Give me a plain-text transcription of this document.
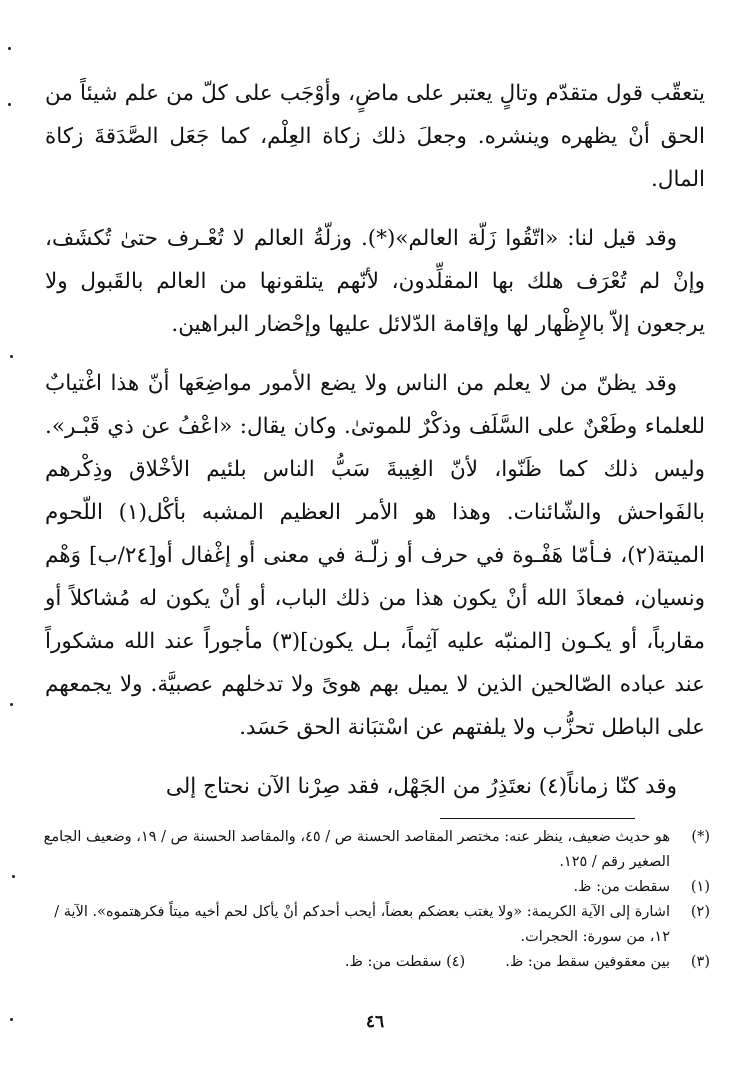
يتعقّب قول متقدّم وتالٍ يعتبر على ماضٍ، وأوْجَب على كلّ من علم شيئاً من الحق أنْ يظهره وينشره. وجعلَ ذلك زكاة العِلْم، كما جَعَل الصَّدَقةَ زكاة المال.

وقد قيل لنا: «اتّقُوا زَلّة العالم»(*). وزلّةُ العالم لا تُعْـرف حتىٰ تُكشَف، وإنْ لم تُعْرَف هلك بها المقلِّدون، لأنّهم يتلقونها من العالم بالقَبول ولا يرجعون إلاّ بالإِظْهار لها وإقامة الدّلائل عليها وإحْضار البراهين.

وقد يظنّ من لا يعلم من الناس ولا يضع الأمور مواضِعَها أنّ هذا اغْتيابٌ للعلماء وطَعْنٌ على السَّلَف وذكْرٌ للموتىٰ. وكان يقال: «اعْفُ عن ذي قَبْـر». وليس ذلك كما ظَنّوا، لأنّ الغِيبةَ سَبُّ الناس بلئيم الأخْلاق وذِكْرهم بالفَواحش والشّائنات. وهذا هو الأمر العظيم المشبه بأكْل(١) اللّحوم الميتة(٢)، فـأمّا هَفْـوة في حرف أو زلّـة في معنى أو إغْفال أو[٢٤/ب] وَهْم ونسيان، فمعاذَ الله أنْ يكون هذا من ذلك الباب، أو أنْ يكون له مُشاكلاً أو مقارباً، أو يكـون [المنبّه عليه آثِماً، بـل يكون](٣) مأجوراً عند الله مشكوراً عند عباده الصّالحين الذين لا يميل بهم هوىً ولا تدخلهم عصبيَّة. ولا يجمعهم على الباطل تحزُّب ولا يلفتهم عن اسْتبَانة الحق حَسَد.

وقد كنّا زماناً(٤) نعتَذِرُ من الجَهْل، فقد صِرْنا الآن نحتاج إلى

(*)
هو حديث ضعيف، ينظر عنه: مختصر المقاصد الحسنة ص / ٤٥، والمقاصد الحسنة ص / ١٩، وضعيف الجامع الصغير رقم / ١٢٥.
(١)
سقطت من: ظ.
(٢)
اشارة إلى الآية الكريمة: «ولا يغتب بعضكم بعضاً، أيحب أحدكم أنْ يأكل لحم أخيه ميتاً فكرهتموه». الآية / ١٢، من سورة: الحجرات.
(٣)
بين معقوفين سقط من: ظ.(٤) سقطت من: ظ.
٤٦
